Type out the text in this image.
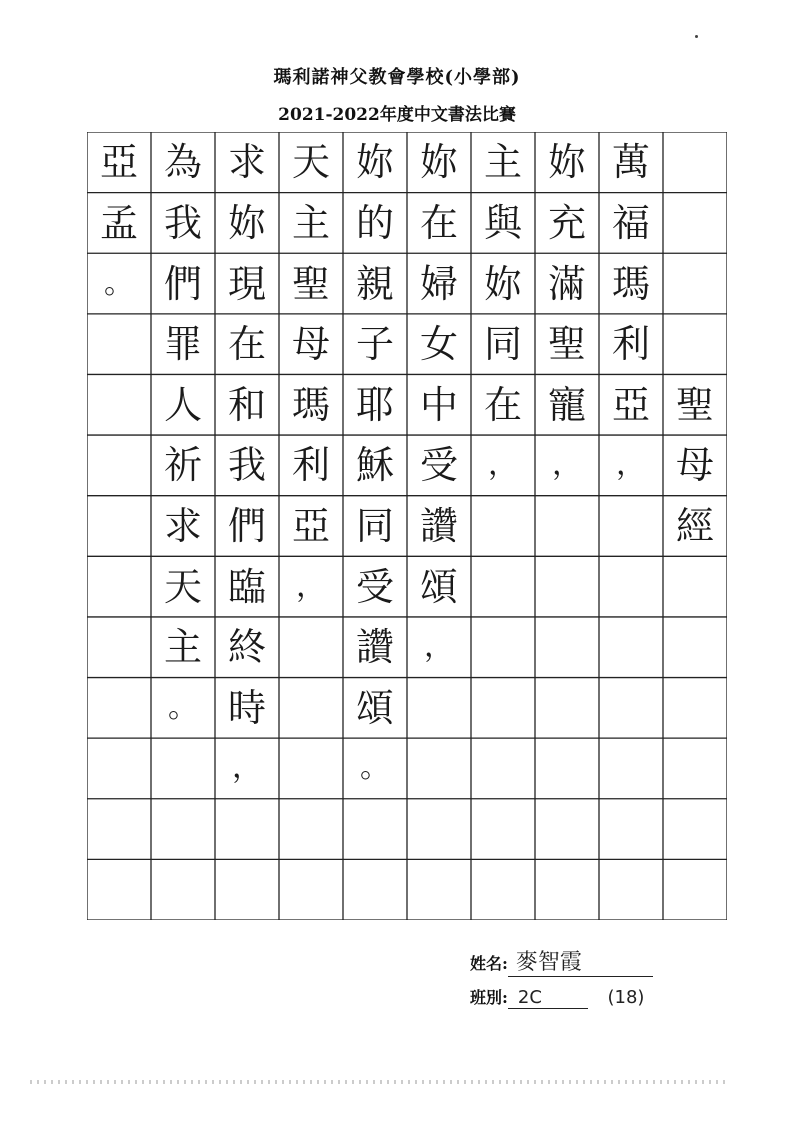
瑪利諾神父教會學校(小學部)
2021-2022年度中文書法比賽
亞
孟
。
為
我
們
罪
人
祈
求
天
主
。
求
妳
現
在
和
我
們
臨
終
時
，
天
主
聖
母
瑪
利
亞
，
妳
的
親
子
耶
穌
同
受
讚
頌
。
妳
在
婦
女
中
受
讚
頌
，
主
與
妳
同
在
，
妳
充
滿
聖
寵
，
萬
福
瑪
利
亞
，
聖
母
經
姓名: 麥智霞
班別: 2C	(18)
